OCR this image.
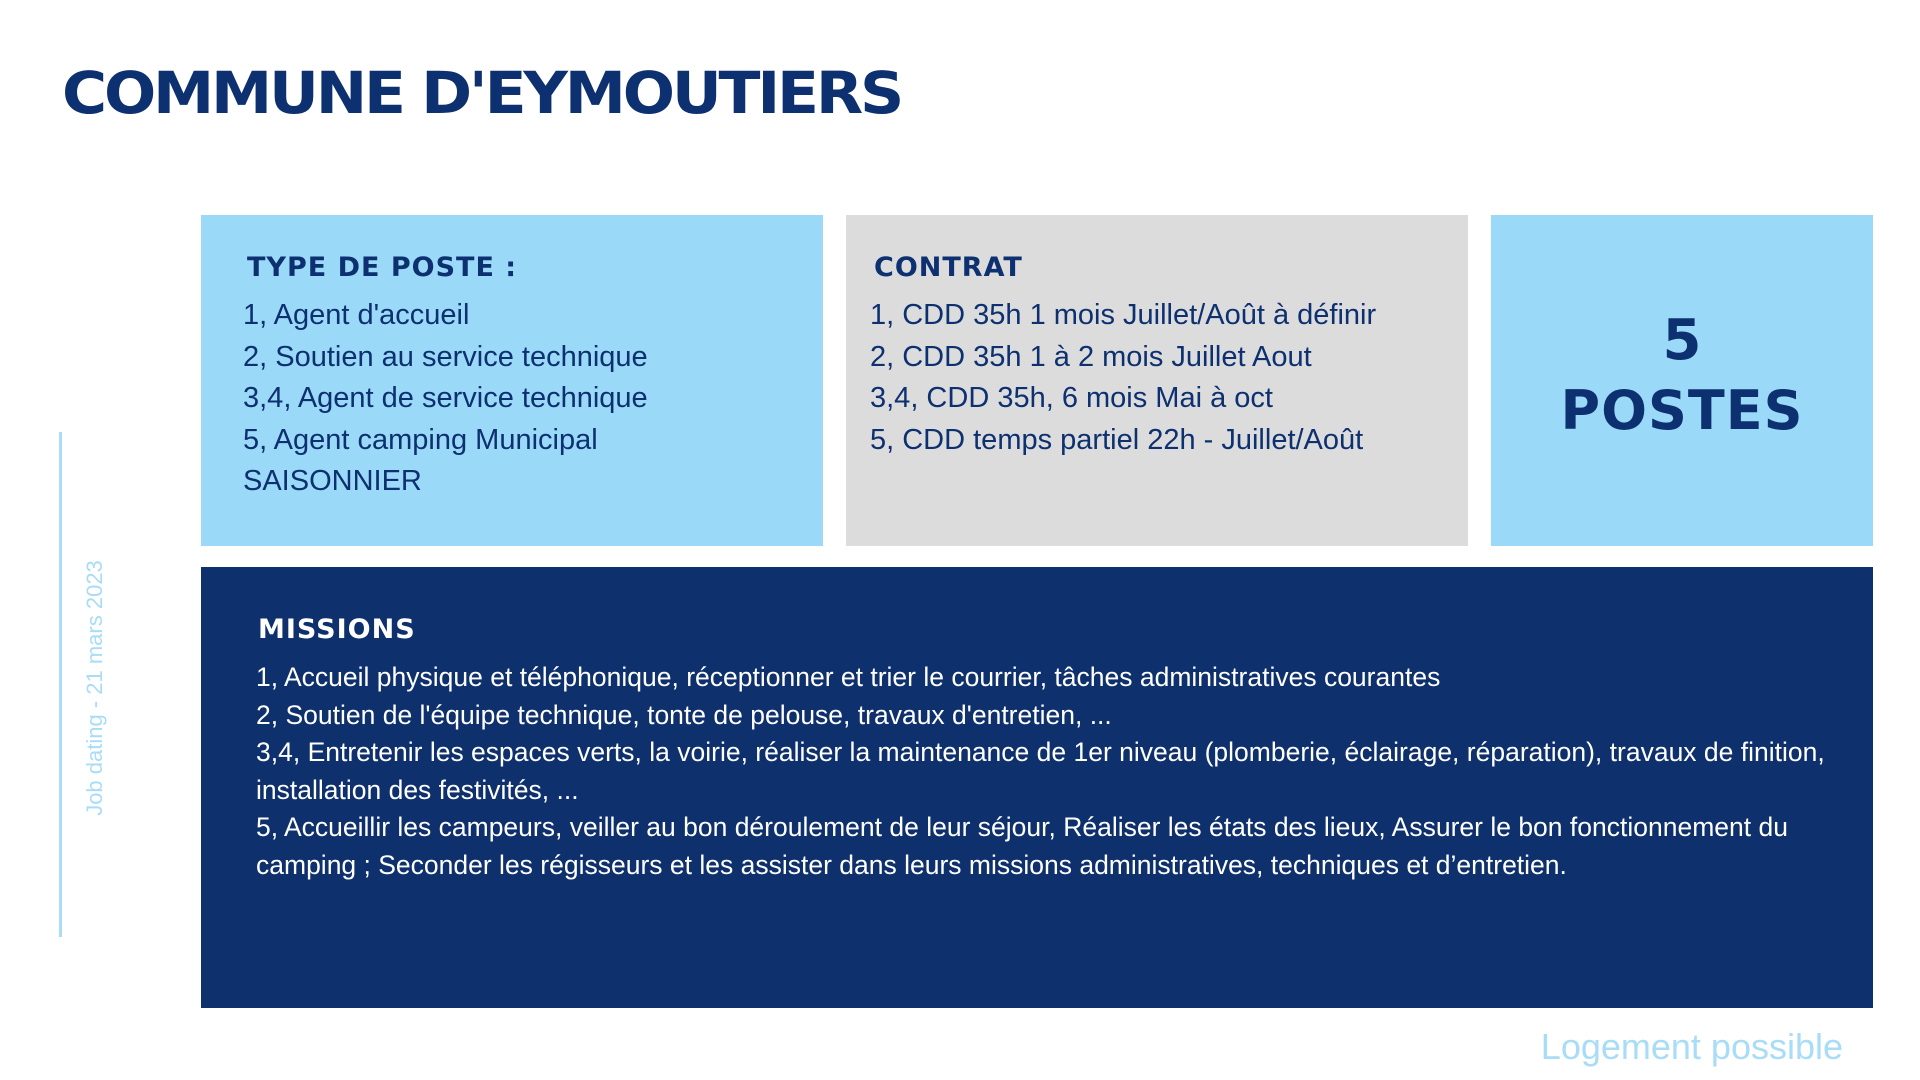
COMMUNE D'EYMOUTIERS
Job dating - 21 mars 2023
TYPE DE POSTE :
1, Agent d'accueil
2, Soutien au service technique
3,4, Agent de service technique
5, Agent camping Municipal
SAISONNIER
CONTRAT
1, CDD 35h 1 mois Juillet/Août à définir
2, CDD 35h 1 à 2 mois Juillet Aout
3,4, CDD 35h, 6 mois Mai à oct
5, CDD temps partiel 22h - Juillet/Août
5
POSTES
MISSIONS
1, Accueil physique et téléphonique, réceptionner et trier le courrier, tâches administratives courantes
2, Soutien de l'équipe technique, tonte de pelouse, travaux d'entretien, ...
3,4, Entretenir les espaces verts, la voirie, réaliser la maintenance de 1er niveau (plomberie, éclairage, réparation), travaux de finition, installation des festivités, ...
5, Accueillir les campeurs, veiller au bon déroulement de leur séjour, Réaliser les états des lieux, Assurer le bon fonctionnement du camping ; Seconder les régisseurs et les assister dans leurs missions administratives, techniques et d’entretien.
Logement possible
